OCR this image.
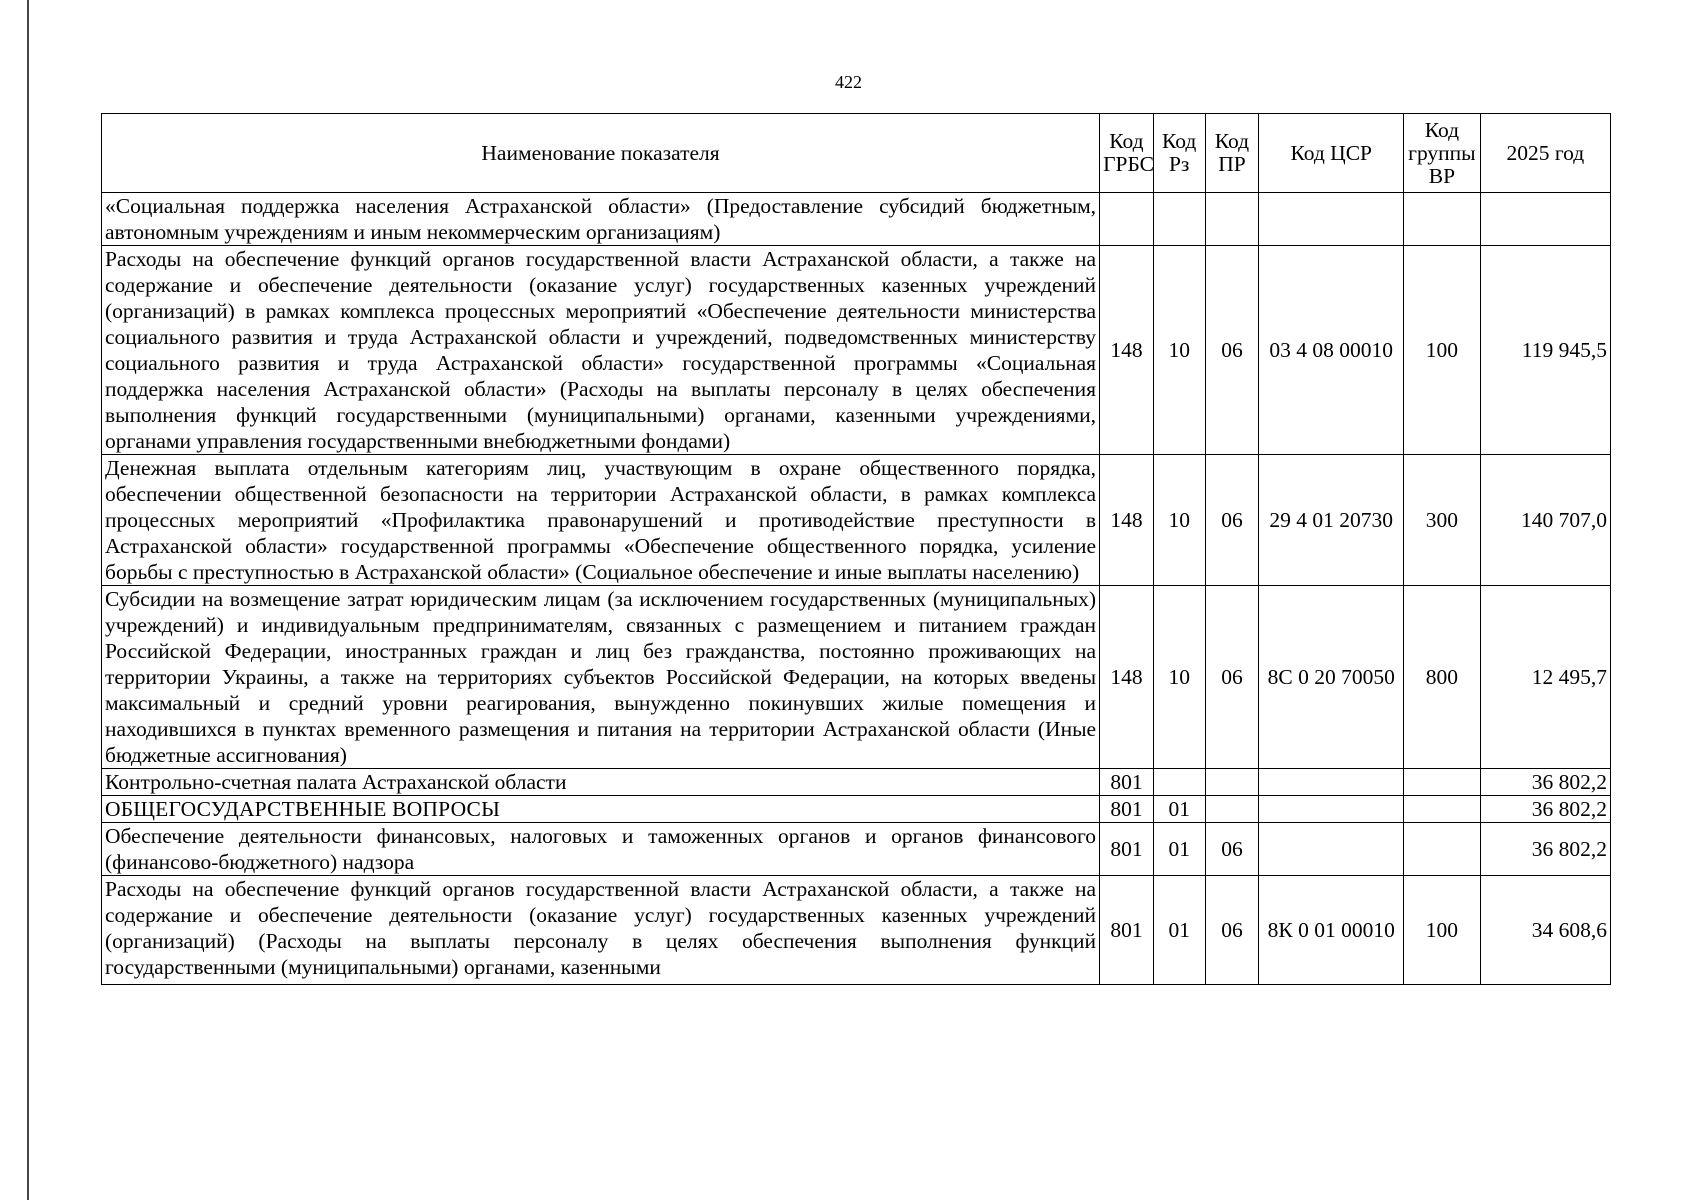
422
Наименование показателя	Код ГРБС	Код Рз	Код ПР	Код ЦСР	Код группы ВР	2025 год
«Социальная поддержка населения Астраханской области» (Предоставление субсидий бюджетным, автономным учреждениям и иным некоммерческим организациям)						
Расходы на обеспечение функций органов государственной власти Астраханской области, а также на содержание и обеспечение деятельности (оказание услуг) государственных казенных учреждений (организаций) в рамках комплекса процессных мероприятий «Обеспечение деятельности министерства социального развития и труда Астраханской области и учреждений, подведомственных министерству социального развития и труда Астраханской области» государственной программы «Социальная поддержка населения Астраханской области» (Расходы на выплаты персоналу в целях обеспечения выполнения функций государственными (муниципальными) органами, казенными учреждениями, органами управления государственными внебюджетными фондами)	148	10	06	03 4 08 00010	100	119 945,5
Денежная выплата отдельным категориям лиц, участвующим в охране общественного порядка, обеспечении общественной безопасности на территории Астраханской области, в рамках комплекса процессных мероприятий «Профилактика правонарушений и противодействие преступности в Астраханской области» государственной программы «Обеспечение общественного порядка, усиление борьбы с преступностью в Астраханской области» (Социальное обеспечение и иные выплаты населению)	148	10	06	29 4 01 20730	300	140 707,0
Субсидии на возмещение затрат юридическим лицам (за исключением государственных (муниципальных) учреждений) и индивидуальным предпринимателям, связанных с размещением и питанием граждан Российской Федерации, иностранных граждан и лиц без гражданства, постоянно проживающих на территории Украины, а также на территориях субъектов Российской Федерации, на которых введены максимальный и средний уровни реагирования, вынужденно покинувших жилые помещения и находившихся в пунктах временного размещения и питания на территории Астраханской области (Иные бюджетные ассигнования)	148	10	06	8С 0 20 70050	800	12 495,7
Контрольно-счетная палата Астраханской области	801					36 802,2
ОБЩЕГОСУДАРСТВЕННЫЕ ВОПРОСЫ	801	01				36 802,2
Обеспечение деятельности финансовых, налоговых и таможенных органов и органов финансового (финансово-бюджетного) надзора	801	01	06			36 802,2

Расходы на обеспечение функций органов государственной власти Астраханской области, а также на содержание и обеспечение деятельности (оказание услуг) государственных казенных учреждений (организаций) (Расходы на выплаты персоналу в целях обеспечения выполнения функций государственными (муниципальными) органами, казенными	801	01	06	8К 0 01 00010	100	34 608,6
